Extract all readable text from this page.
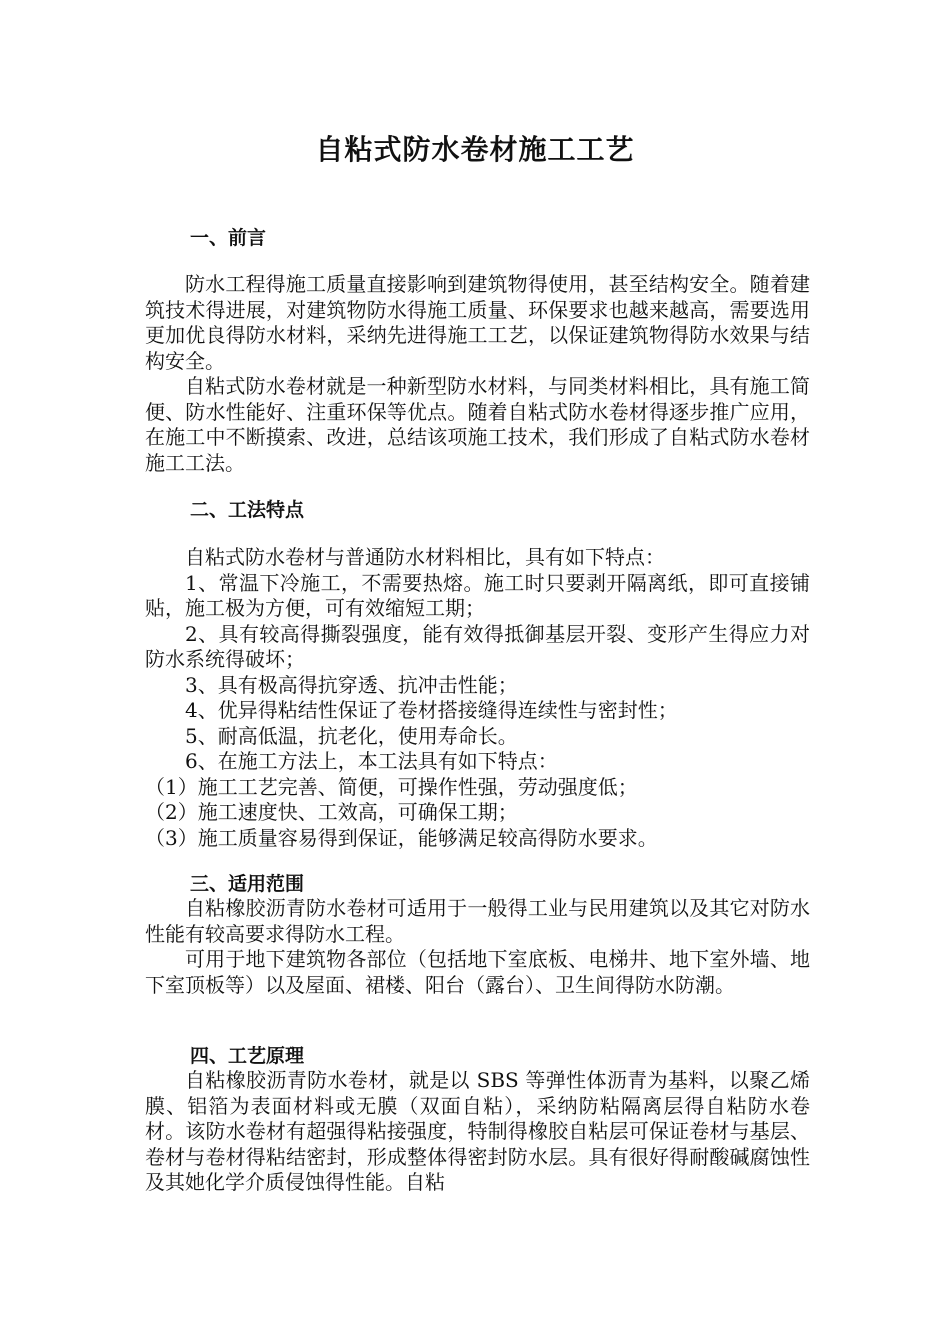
自粘式防水卷材施工工艺
一、前言

防水工程得施工质量直接影响到建筑物得使用，甚至结构安全。随着建筑技术得进展，对建筑物防水得施工质量、环保要求也越来越高，需要选用更加优良得防水材料，采纳先进得施工工艺，以保证建筑物得防水效果与结构安全。

自粘式防水卷材就是一种新型防水材料，与同类材料相比，具有施工简便、防水性能好、注重环保等优点。随着自粘式防水卷材得逐步推广应用，在施工中不断摸索、改进，总结该项施工技术，我们形成了自粘式防水卷材施工工法。

二、工法特点

自粘式防水卷材与普通防水材料相比，具有如下特点：

1、常温下冷施工，不需要热熔。施工时只要剥开隔离纸，即可直接铺贴，施工极为方便，可有效缩短工期；

2、具有较高得撕裂强度，能有效得抵御基层开裂、变形产生得应力对防水系统得破坏；

3、具有极高得抗穿透、抗冲击性能；

4、优异得粘结性保证了卷材搭接缝得连续性与密封性；

5、耐高低温，抗老化，使用寿命长。

6、在施工方法上，本工法具有如下特点：

（1）施工工艺完善、简便，可操作性强，劳动强度低；

（2）施工速度快、工效高，可确保工期；

（3）施工质量容易得到保证，能够满足较高得防水要求。

三、适用范围

自粘橡胶沥青防水卷材可适用于一般得工业与民用建筑以及其它对防水性能有较高要求得防水工程。

可用于地下建筑物各部位（包括地下室底板、电梯井、地下室外墙、地下室顶板等）以及屋面、裙楼、阳台（露台）、卫生间得防水防潮。

四、工艺原理

自粘橡胶沥青防水卷材，就是以 SBS 等弹性体沥青为基料，以聚乙烯膜、铝箔为表面材料或无膜（双面自粘），采纳防粘隔离层得自粘防水卷材。该防水卷材有超强得粘接强度，特制得橡胶自粘层可保证卷材与基层、卷材与卷材得粘结密封，形成整体得密封防水层。具有很好得耐酸碱腐蚀性及其她化学介质侵蚀得性能。自粘
